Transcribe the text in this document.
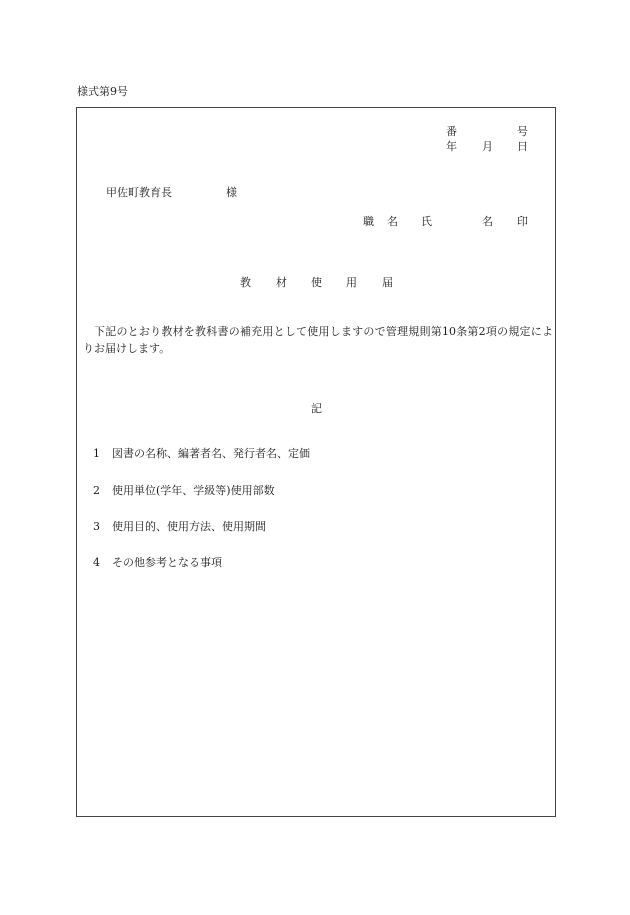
様式第9号
番	号
年 月 日
甲佐町教育長	様
職 名 氏	名 印
教 材 使 用 届
下記のとおり教材を教科書の補充用として使用しますので管理規則第10条第2項の規定によりお届けします。
記
1 図書の名称、編著者名、発行者名、定価
2 使用単位(学年、学級等)使用部数
3 使用目的、使用方法、使用期間
4 その他参考となる事項
